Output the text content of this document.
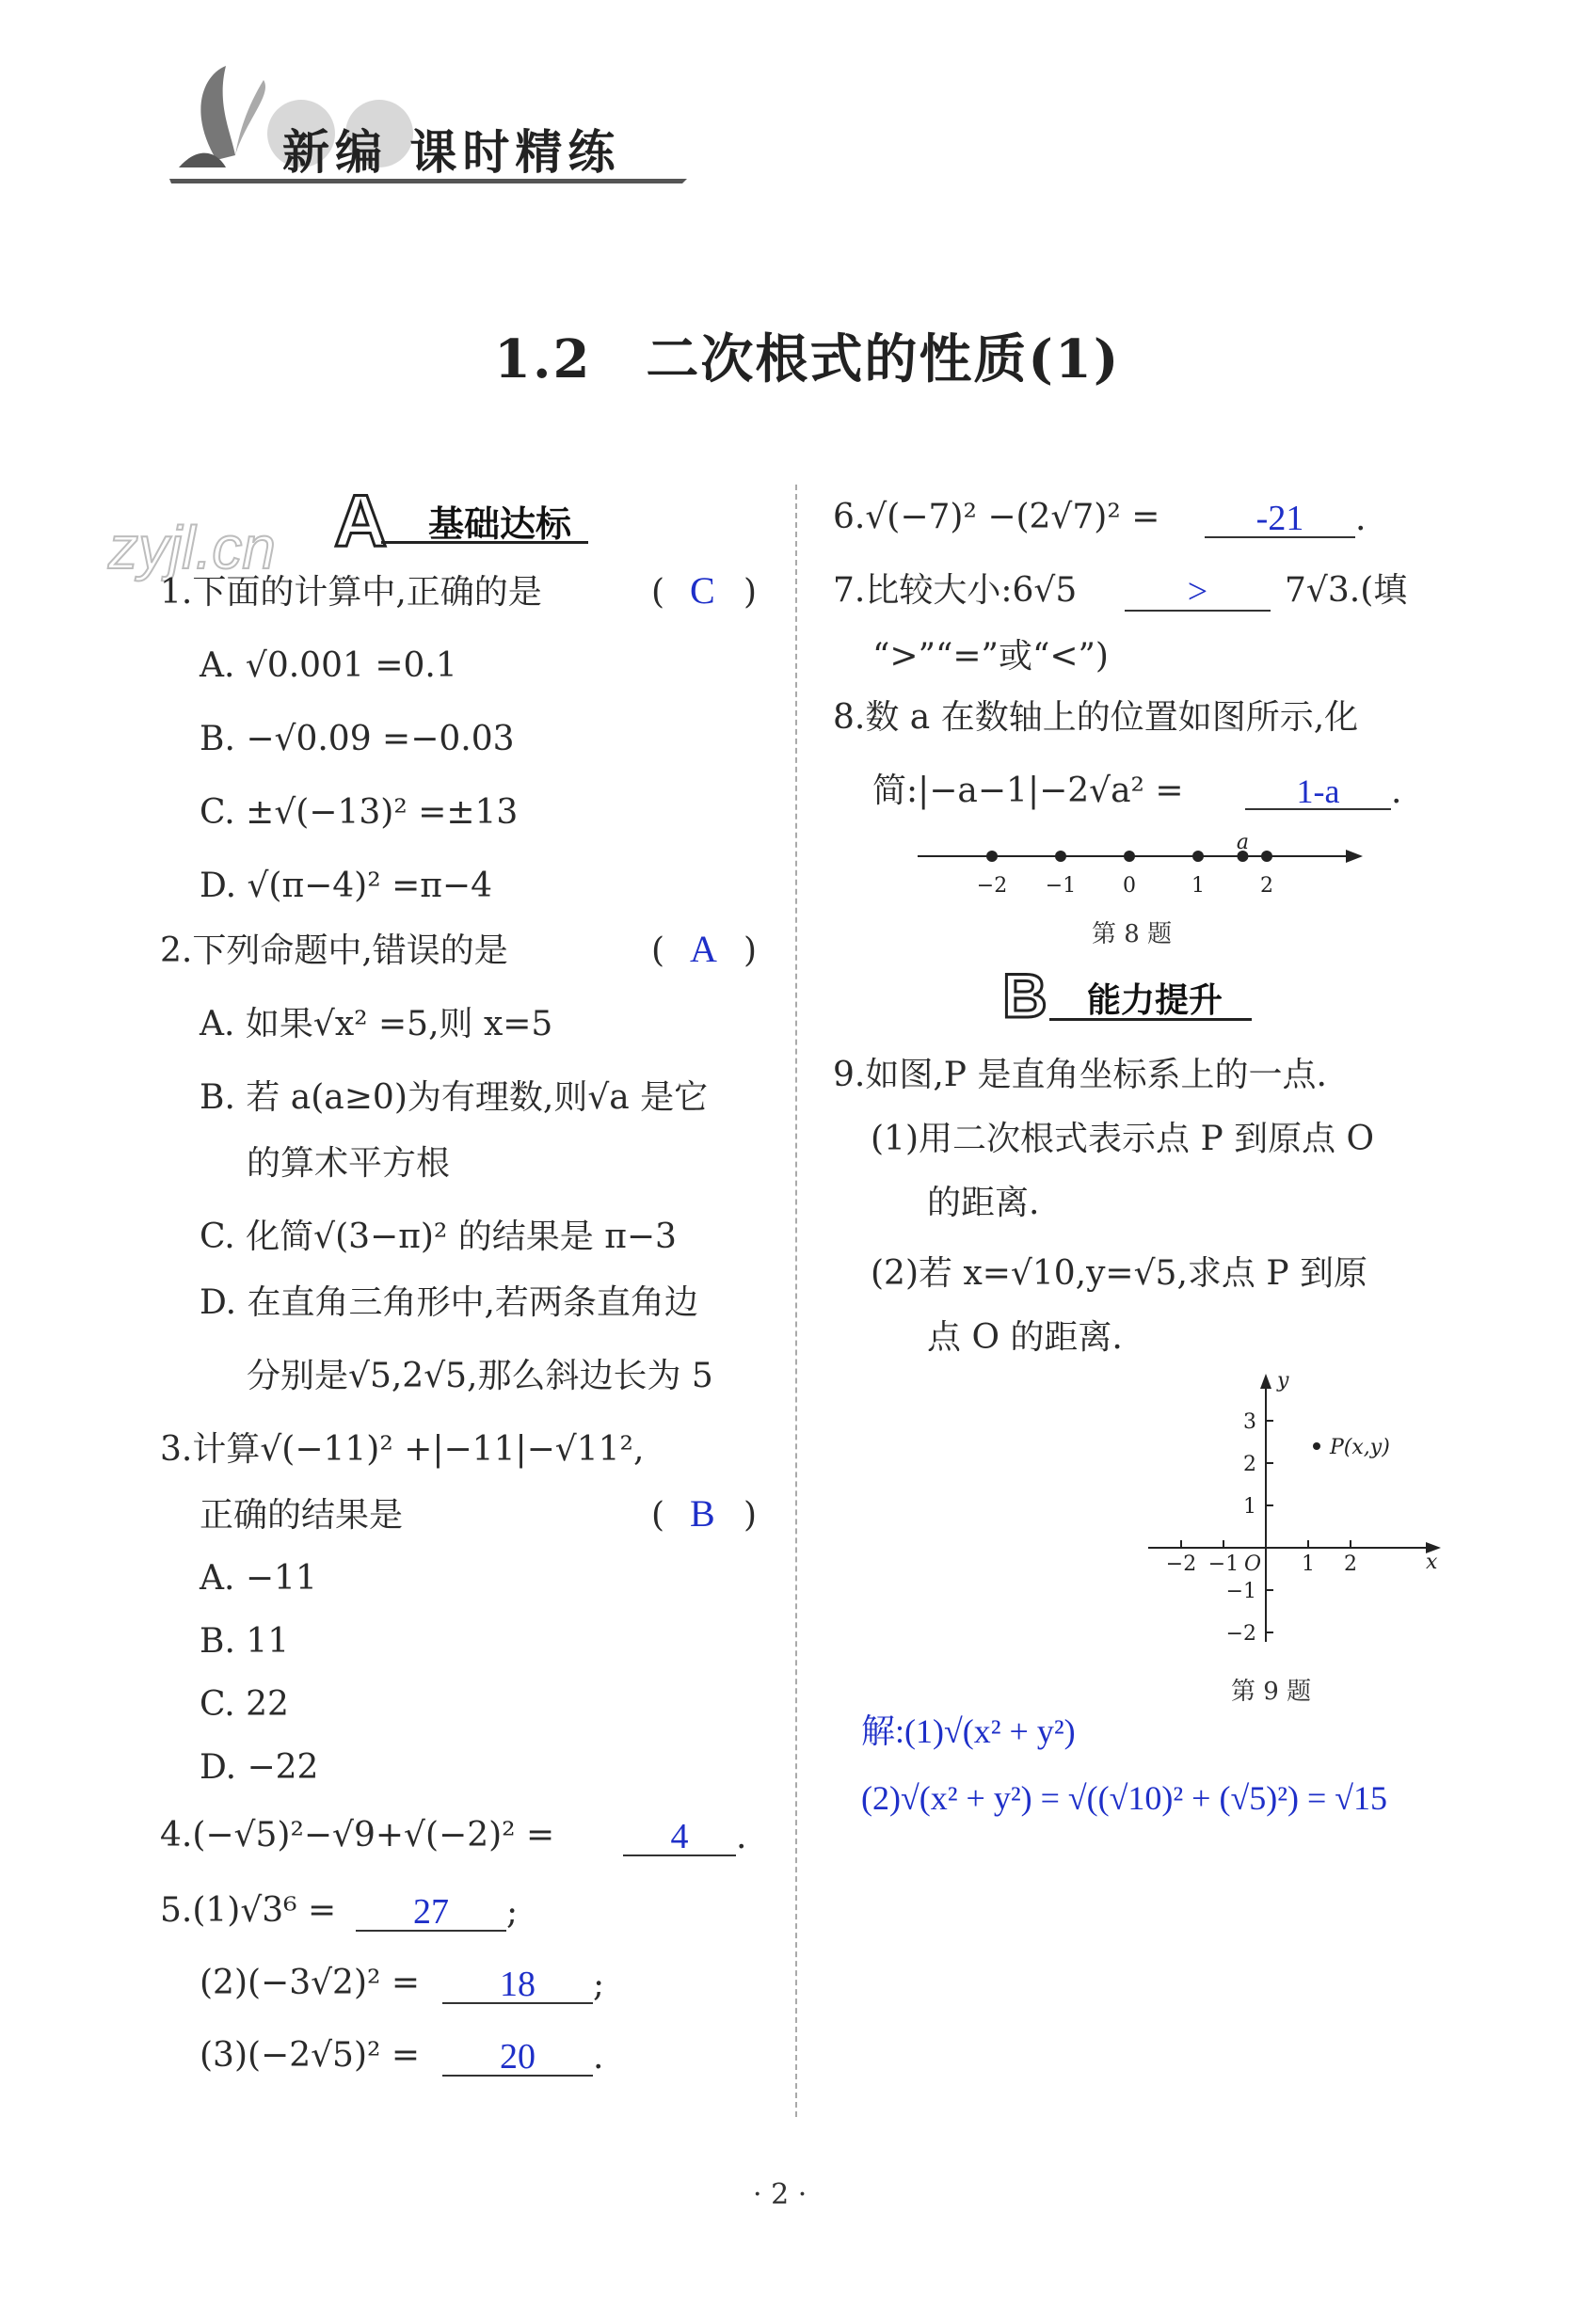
新编 课时精练
1.2　二次根式的性质(1)
zyjl.cn A 基础达标
1.下面的计算中,正确的是	( C )
A. √0.001 =0.1
B. −√0.09 =−0.03
C. ±√(−13)² =±13
D. √(π−4)² =π−4
2.下列命题中,错误的是	( A )
A. 如果√x² =5,则 x=5
B. 若 a(a≥0)为有理数,则√a 是它
的算术平方根
C. 化简√(3−π)² 的结果是 π−3
D. 在直角三角形中,若两条直角边
分别是√5,2√5,那么斜边长为 5
3.计算√(−11)² +|−11|−√11²,
正确的结果是	( B )
A. −11
B. 11
C. 22
D. −22
4.(−√5)²−√9+√(−2)² =	4 .
5.(1)√3⁶ =	27 ;
(2)(−3√2)² =	18 ;
(3)(−2√5)² =	20 .
6.√(−7)² −(2√7)² =	-21 .
7.比较大小:6√5	>	7√3.(填
“>”“=”或“<”)
8.数 a 在数轴上的位置如图所示,化
简:|−a−1|−2√a² =	1-a .
−2 −1 0	1	2
a
第 8 题
B 能力提升
9.如图,P 是直角坐标系上的一点.
(1)用二次根式表示点 P 到原点 O
的距离.
(2)若 x=√10,y=√5,求点 P 到原
点 O 的距离.
−2 −1 O 1 2
3
2
1
−1
−2
x
y
P(x,y)
第 9 题
解:(1)√(x² + y²)
(2)√(x² + y²) = √((√10)² + (√5)²) = √15
· 2 ·
